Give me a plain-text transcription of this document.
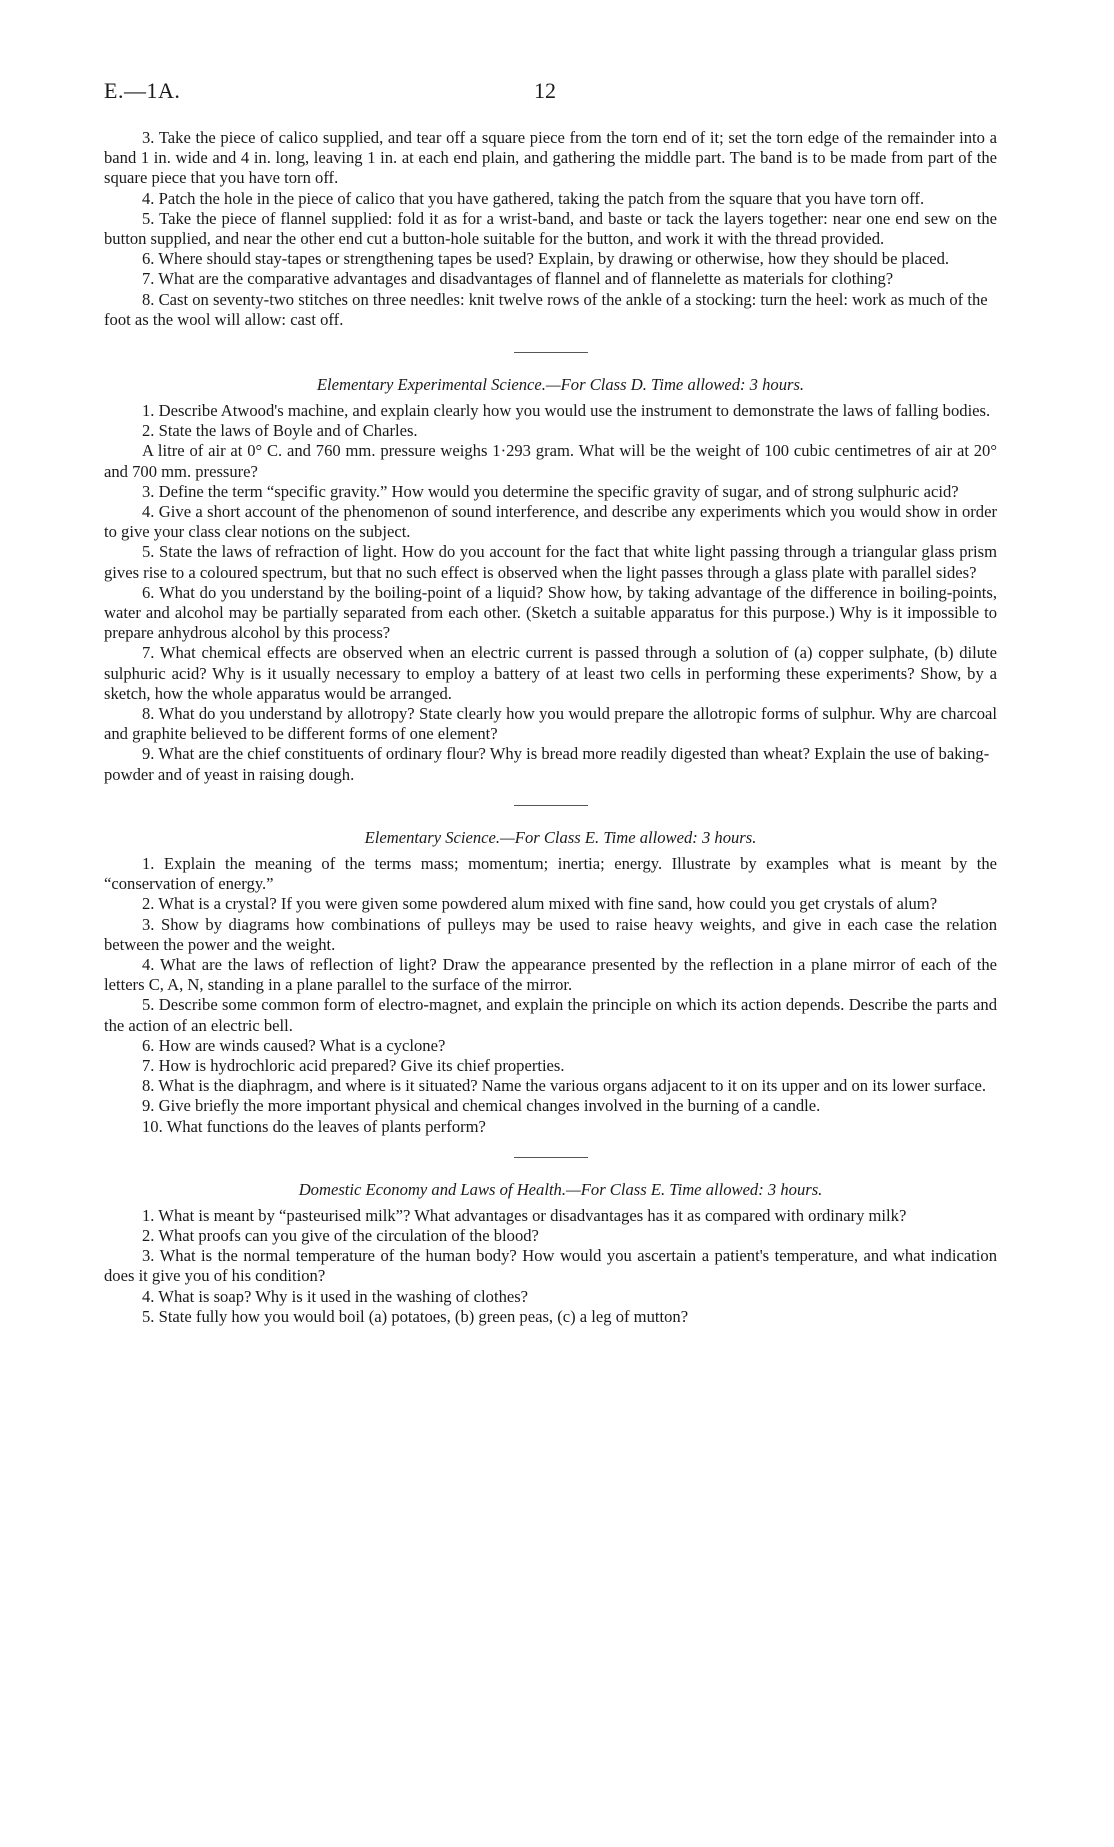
E.—1A.	12

3. Take the piece of calico supplied, and tear off a square piece from the torn end of it; set the torn edge of the remainder into a band 1 in. wide and 4 in. long, leaving 1 in. at each end plain, and gathering the middle part. The band is to be made from part of the square piece that you have torn off.

4. Patch the hole in the piece of calico that you have gathered, taking the patch from the square that you have torn off.

5. Take the piece of flannel supplied: fold it as for a wrist-band, and baste or tack the layers together: near one end sew on the button supplied, and near the other end cut a button-hole suitable for the button, and work it with the thread provided.

6. Where should stay-tapes or strengthening tapes be used? Explain, by drawing or otherwise, how they should be placed.

7. What are the comparative advantages and disadvantages of flannel and of flannelette as materials for clothing?

8. Cast on seventy-two stitches on three needles: knit twelve rows of the ankle of a stocking: turn the heel: work as much of the foot as the wool will allow: cast off.

Elementary Experimental Science.—For Class D. Time allowed: 3 hours.

1. Describe Atwood's machine, and explain clearly how you would use the instrument to demonstrate the laws of falling bodies.

2. State the laws of Boyle and of Charles.

A litre of air at 0° C. and 760 mm. pressure weighs 1·293 gram. What will be the weight of 100 cubic centimetres of air at 20° and 700 mm. pressure?

3. Define the term “specific gravity.” How would you determine the specific gravity of sugar, and of strong sulphuric acid?

4. Give a short account of the phenomenon of sound interference, and describe any experiments which you would show in order to give your class clear notions on the subject.

5. State the laws of refraction of light. How do you account for the fact that white light passing through a triangular glass prism gives rise to a coloured spectrum, but that no such effect is observed when the light passes through a glass plate with parallel sides?

6. What do you understand by the boiling-point of a liquid? Show how, by taking advantage of the difference in boiling-points, water and alcohol may be partially separated from each other. (Sketch a suitable apparatus for this purpose.) Why is it impossible to prepare anhydrous alcohol by this process?

7. What chemical effects are observed when an electric current is passed through a solution of (a) copper sulphate, (b) dilute sulphuric acid? Why is it usually necessary to employ a battery of at least two cells in performing these experiments? Show, by a sketch, how the whole apparatus would be arranged.

8. What do you understand by allotropy? State clearly how you would prepare the allotropic forms of sulphur. Why are charcoal and graphite believed to be different forms of one element?

9. What are the chief constituents of ordinary flour? Why is bread more readily digested than wheat? Explain the use of baking-powder and of yeast in raising dough.

Elementary Science.—For Class E. Time allowed: 3 hours.

1. Explain the meaning of the terms mass; momentum; inertia; energy. Illustrate by examples what is meant by the “conservation of energy.”

2. What is a crystal? If you were given some powdered alum mixed with fine sand, how could you get crystals of alum?

3. Show by diagrams how combinations of pulleys may be used to raise heavy weights, and give in each case the relation between the power and the weight.

4. What are the laws of reflection of light? Draw the appearance presented by the reflection in a plane mirror of each of the letters C, A, N, standing in a plane parallel to the surface of the mirror.

5. Describe some common form of electro-magnet, and explain the principle on which its action depends. Describe the parts and the action of an electric bell.

6. How are winds caused? What is a cyclone?

7. How is hydrochloric acid prepared? Give its chief properties.

8. What is the diaphragm, and where is it situated? Name the various organs adjacent to it on its upper and on its lower surface.

9. Give briefly the more important physical and chemical changes involved in the burning of a candle.

10. What functions do the leaves of plants perform?

Domestic Economy and Laws of Health.—For Class E. Time allowed: 3 hours.

1. What is meant by “pasteurised milk”? What advantages or disadvantages has it as compared with ordinary milk?

2. What proofs can you give of the circulation of the blood?

3. What is the normal temperature of the human body? How would you ascertain a patient's temperature, and what indication does it give you of his condition?

4. What is soap? Why is it used in the washing of clothes?

5. State fully how you would boil (a) potatoes, (b) green peas, (c) a leg of mutton?
